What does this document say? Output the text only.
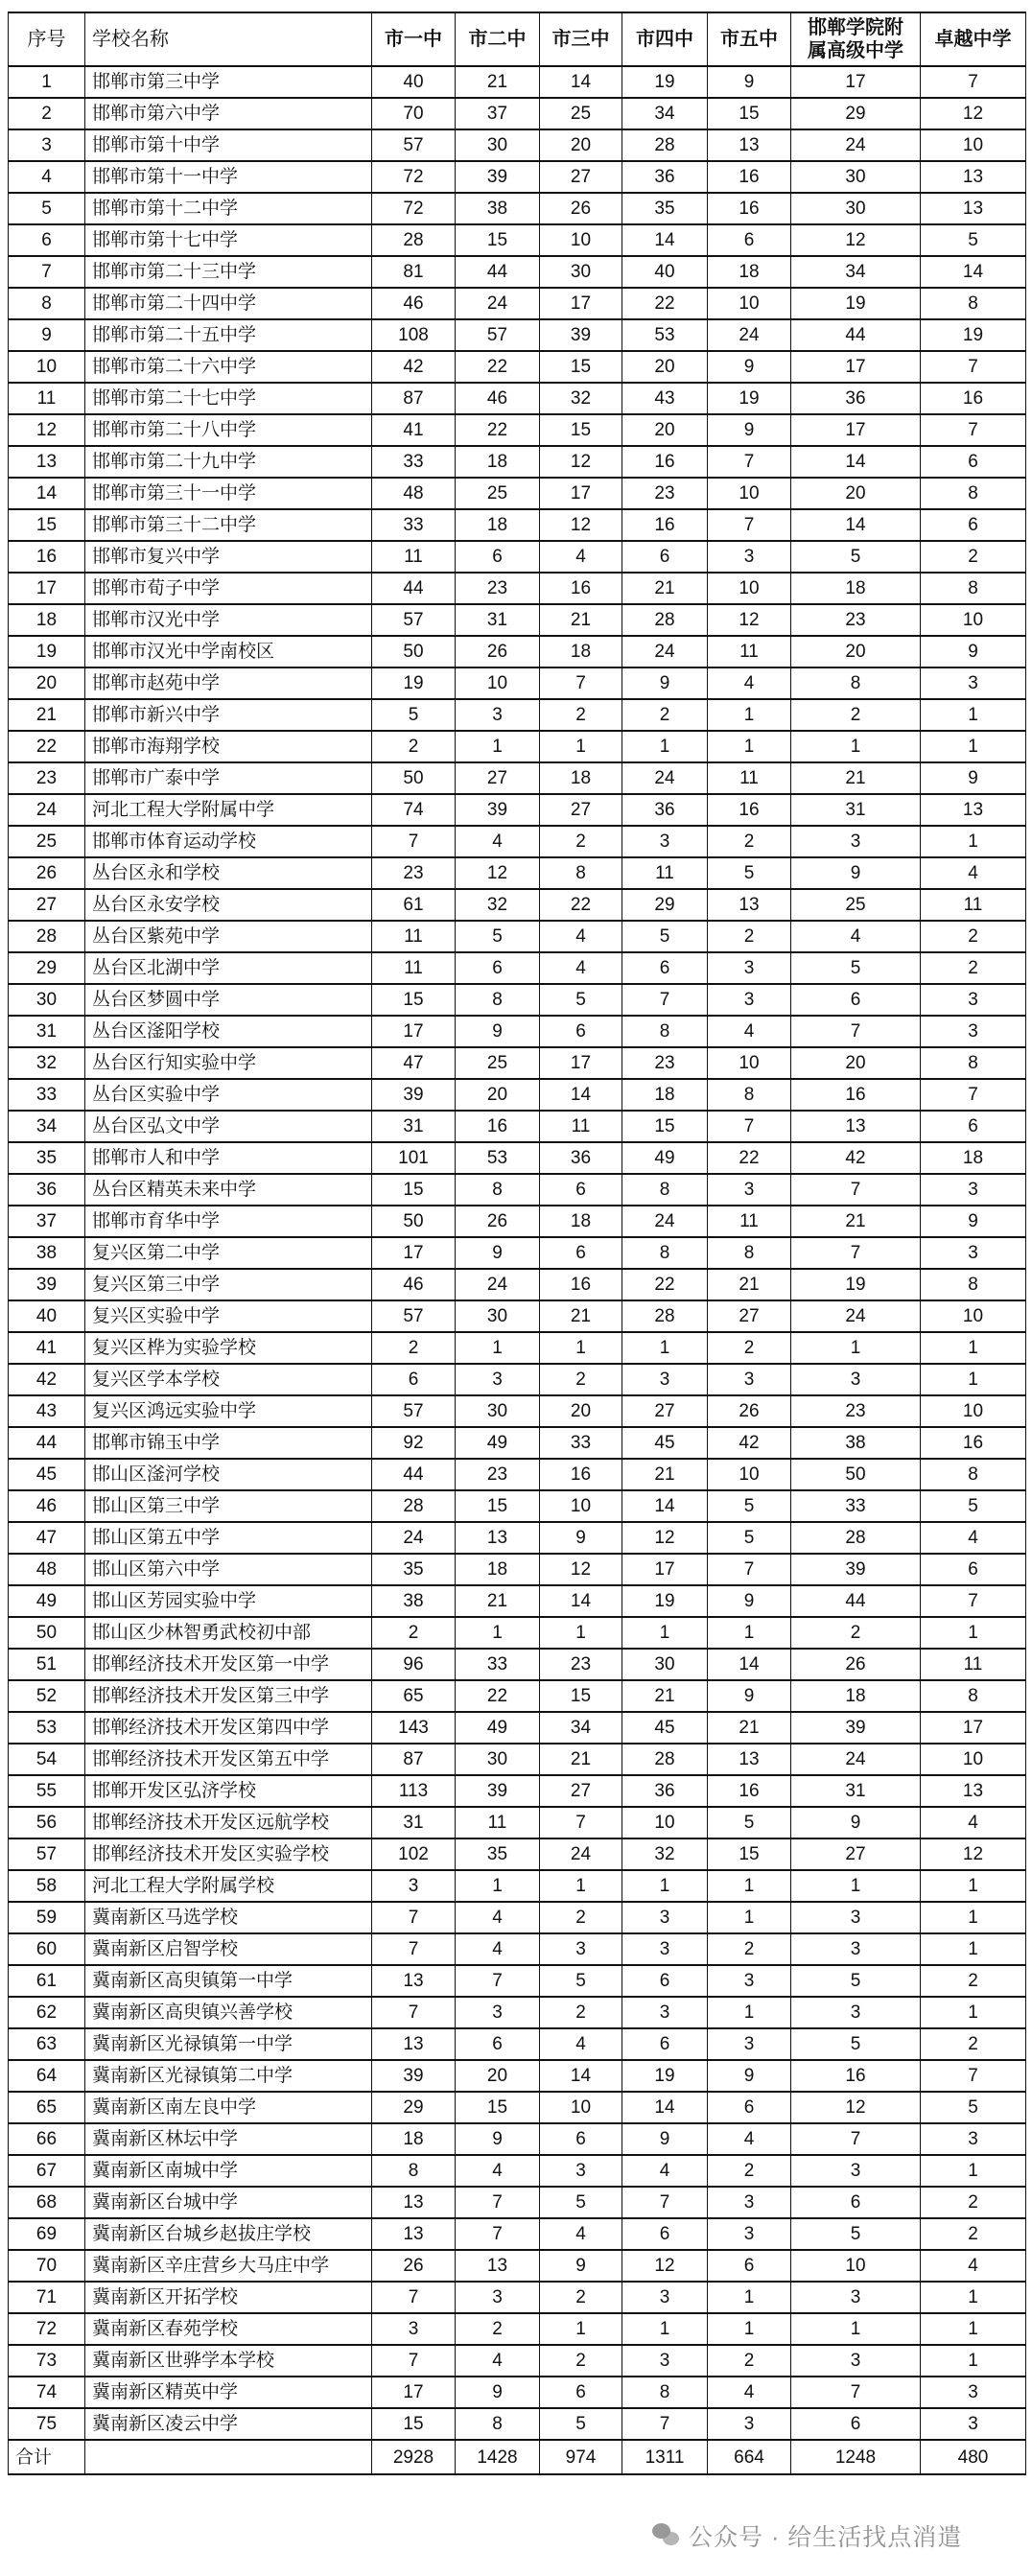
序号	学校名称	市一中	市二中	市三中	市四中	市五中	邯郸学院附属高级中学	卓越中学
1	邯郸市第三中学	40	21	14	19	9	17	7
2	邯郸市第六中学	70	37	25	34	15	29	12
3	邯郸市第十中学	57	30	20	28	13	24	10
4	邯郸市第十一中学	72	39	27	36	16	30	13
5	邯郸市第十二中学	72	38	26	35	16	30	13
6	邯郸市第十七中学	28	15	10	14	6	12	5
7	邯郸市第二十三中学	81	44	30	40	18	34	14
8	邯郸市第二十四中学	46	24	17	22	10	19	8
9	邯郸市第二十五中学	108	57	39	53	24	44	19
10	邯郸市第二十六中学	42	22	15	20	9	17	7
11	邯郸市第二十七中学	87	46	32	43	19	36	16
12	邯郸市第二十八中学	41	22	15	20	9	17	7
13	邯郸市第二十九中学	33	18	12	16	7	14	6
14	邯郸市第三十一中学	48	25	17	23	10	20	8
15	邯郸市第三十二中学	33	18	12	16	7	14	6
16	邯郸市复兴中学	11	6	4	6	3	5	2
17	邯郸市荀子中学	44	23	16	21	10	18	8
18	邯郸市汉光中学	57	31	21	28	12	23	10
19	邯郸市汉光中学南校区	50	26	18	24	11	20	9
20	邯郸市赵苑中学	19	10	7	9	4	8	3
21	邯郸市新兴中学	5	3	2	2	1	2	1
22	邯郸市海翔学校	2	1	1	1	1	1	1
23	邯郸市广泰中学	50	27	18	24	11	21	9
24	河北工程大学附属中学	74	39	27	36	16	31	13
25	邯郸市体育运动学校	7	4	2	3	2	3	1
26	丛台区永和学校	23	12	8	11	5	9	4
27	丛台区永安学校	61	32	22	29	13	25	11
28	丛台区紫苑中学	11	5	4	5	2	4	2
29	丛台区北湖中学	11	6	4	6	3	5	2
30	丛台区梦圆中学	15	8	5	7	3	6	3
31	丛台区滏阳学校	17	9	6	8	4	7	3
32	丛台区行知实验中学	47	25	17	23	10	20	8
33	丛台区实验中学	39	20	14	18	8	16	7
34	丛台区弘文中学	31	16	11	15	7	13	6
35	邯郸市人和中学	101	53	36	49	22	42	18
36	丛台区精英未来中学	15	8	6	8	3	7	3
37	邯郸市育华中学	50	26	18	24	11	21	9
38	复兴区第二中学	17	9	6	8	8	7	3
39	复兴区第三中学	46	24	16	22	21	19	8
40	复兴区实验中学	57	30	21	28	27	24	10
41	复兴区桦为实验学校	2	1	1	1	2	1	1
42	复兴区学本学校	6	3	2	3	3	3	1
43	复兴区鸿远实验中学	57	30	20	27	26	23	10
44	邯郸市锦玉中学	92	49	33	45	42	38	16
45	邯山区滏河学校	44	23	16	21	10	50	8
46	邯山区第三中学	28	15	10	14	5	33	5
47	邯山区第五中学	24	13	9	12	5	28	4
48	邯山区第六中学	35	18	12	17	7	39	6
49	邯山区芳园实验中学	38	21	14	19	9	44	7
50	邯山区少林智勇武校初中部	2	1	1	1	1	2	1
51	邯郸经济技术开发区第一中学	96	33	23	30	14	26	11
52	邯郸经济技术开发区第三中学	65	22	15	21	9	18	8
53	邯郸经济技术开发区第四中学	143	49	34	45	21	39	17
54	邯郸经济技术开发区第五中学	87	30	21	28	13	24	10
55	邯郸开发区弘济学校	113	39	27	36	16	31	13
56	邯郸经济技术开发区远航学校	31	11	7	10	5	9	4
57	邯郸经济技术开发区实验学校	102	35	24	32	15	27	12
58	河北工程大学附属学校	3	1	1	1	1	1	1
59	冀南新区马选学校	7	4	2	3	1	3	1
60	冀南新区启智学校	7	4	3	3	2	3	1
61	冀南新区高臾镇第一中学	13	7	5	6	3	5	2
62	冀南新区高臾镇兴善学校	7	3	2	3	1	3	1
63	冀南新区光禄镇第一中学	13	6	4	6	3	5	2
64	冀南新区光禄镇第二中学	39	20	14	19	9	16	7
65	冀南新区南左良中学	29	15	10	14	6	12	5
66	冀南新区林坛中学	18	9	6	9	4	7	3
67	冀南新区南城中学	8	4	3	4	2	3	1
68	冀南新区台城中学	13	7	5	7	3	6	2
69	冀南新区台城乡赵拔庄学校	13	7	4	6	3	5	2
70	冀南新区辛庄营乡大马庄中学	26	13	9	12	6	10	4
71	冀南新区开拓学校	7	3	2	3	1	3	1
72	冀南新区春苑学校	3	2	1	1	1	1	1
73	冀南新区世骅学本学校	7	4	2	3	2	3	1
74	冀南新区精英中学	17	9	6	8	4	7	3
75	冀南新区凌云中学	15	8	5	7	3	6	3
合计		2928	1428	974	1311	664	1248	480
公众号 · 给生活找点消遣
